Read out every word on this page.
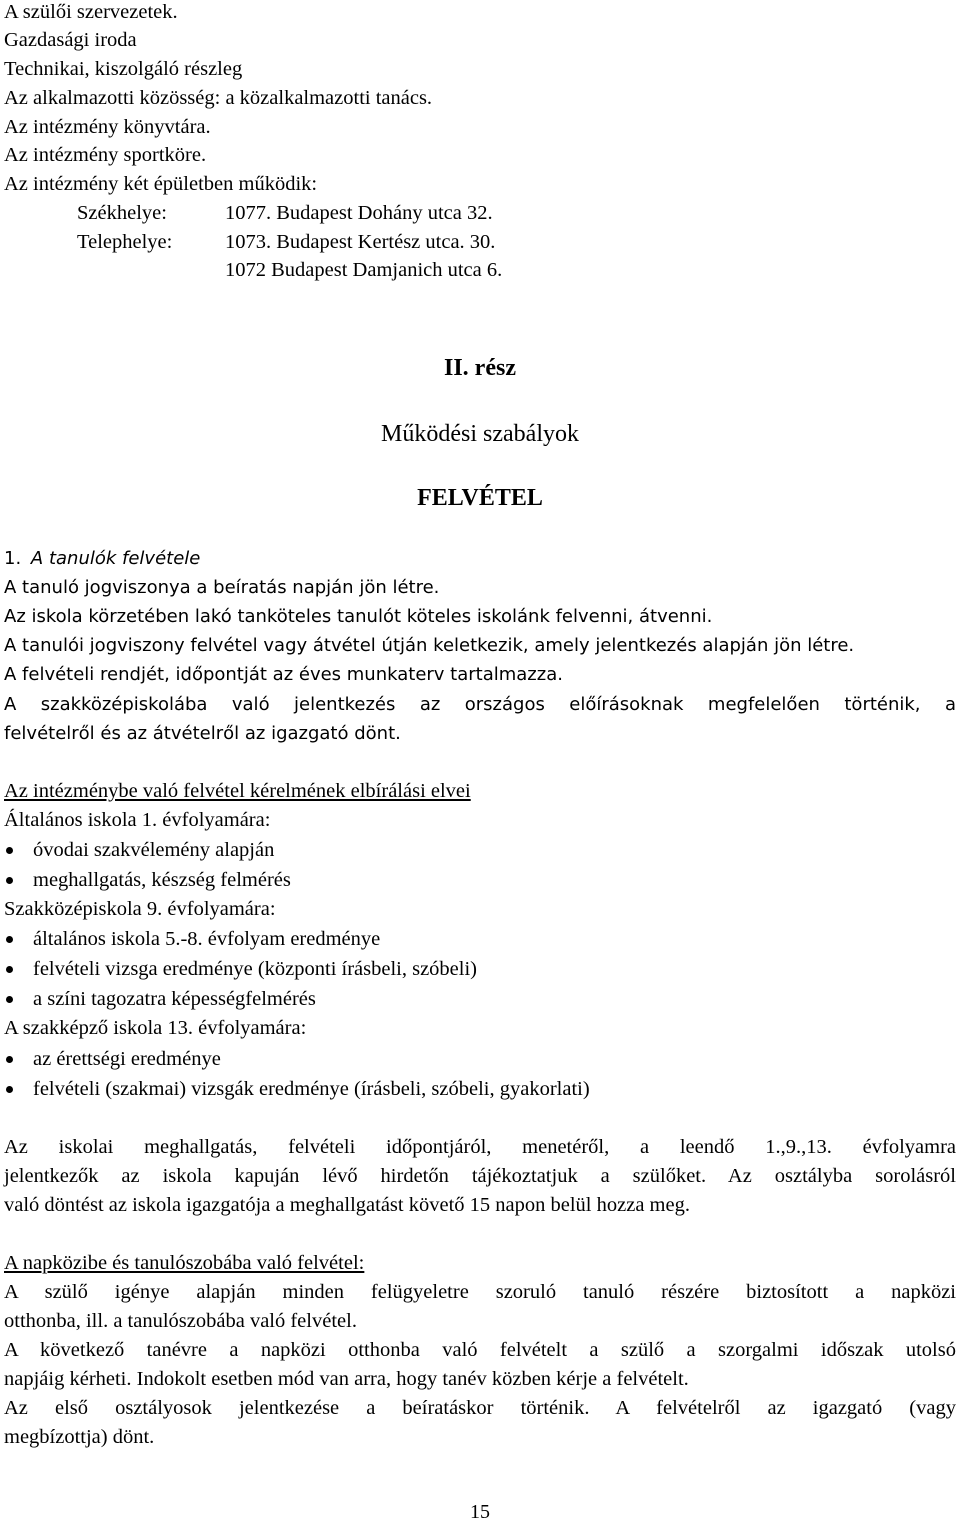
A szülői szervezetek.
Gazdasági iroda
Technikai, kiszolgáló részleg
Az alkalmazotti közösség: a közalkalmazotti tanács.
Az intézmény könyvtára.
Az intézmény sportköre.
Az intézmény két épületben működik:
Székhelye:	1077. Budapest Dohány utca 32.
Telephelye:	1073. Budapest Kertész utca. 30.
1072 Budapest Damjanich utca 6.
II. rész
Működési szabályok
FELVÉTEL
1. A tanulók felvétele
A tanuló jogviszonya a beíratás napján jön létre.
Az iskola körzetében lakó tanköteles tanulót köteles iskolánk felvenni, átvenni.
A tanulói jogviszony felvétel vagy átvétel útján keletkezik, amely jelentkezés alapján jön létre.
A felvételi rendjét, időpontját az éves munkaterv tartalmazza.
A szakközépiskolába való jelentkezés az országos előírásoknak megfelelően történik, a
felvételről és az átvételről az igazgató dönt.
Az intézménybe való felvétel kérelmének elbírálási elvei
Általános iskola 1. évfolyamára:
óvodai szakvélemény alapján
meghallgatás, készség felmérés
Szakközépiskola 9. évfolyamára:
általános iskola 5.-8. évfolyam eredménye
felvételi vizsga eredménye (központi írásbeli, szóbeli)
a színi tagozatra képességfelmérés
A szakképző iskola 13. évfolyamára:
az érettségi eredménye
felvételi (szakmai) vizsgák eredménye (írásbeli, szóbeli, gyakorlati)
Az iskolai meghallgatás, felvételi időpontjáról, menetéről, a leendő 1.,9.,13. évfolyamra
jelentkezők az iskola kapuján lévő hirdetőn tájékoztatjuk a szülőket. Az osztályba sorolásról
való döntést az iskola igazgatója a meghallgatást követő 15 napon belül hozza meg.
A napközibe és tanulószobába való felvétel:
A szülő igénye alapján minden felügyeletre szoruló tanuló részére biztosított a napközi
otthonba, ill. a tanulószobába való felvétel.
A következő tanévre a napközi otthonba való felvételt a szülő a szorgalmi időszak utolsó
napjáig kérheti. Indokolt esetben mód van arra, hogy tanév közben kérje a felvételt.
Az első osztályosok jelentkezése a beíratáskor történik. A felvételről az igazgató (vagy
megbízottja) dönt.
15
